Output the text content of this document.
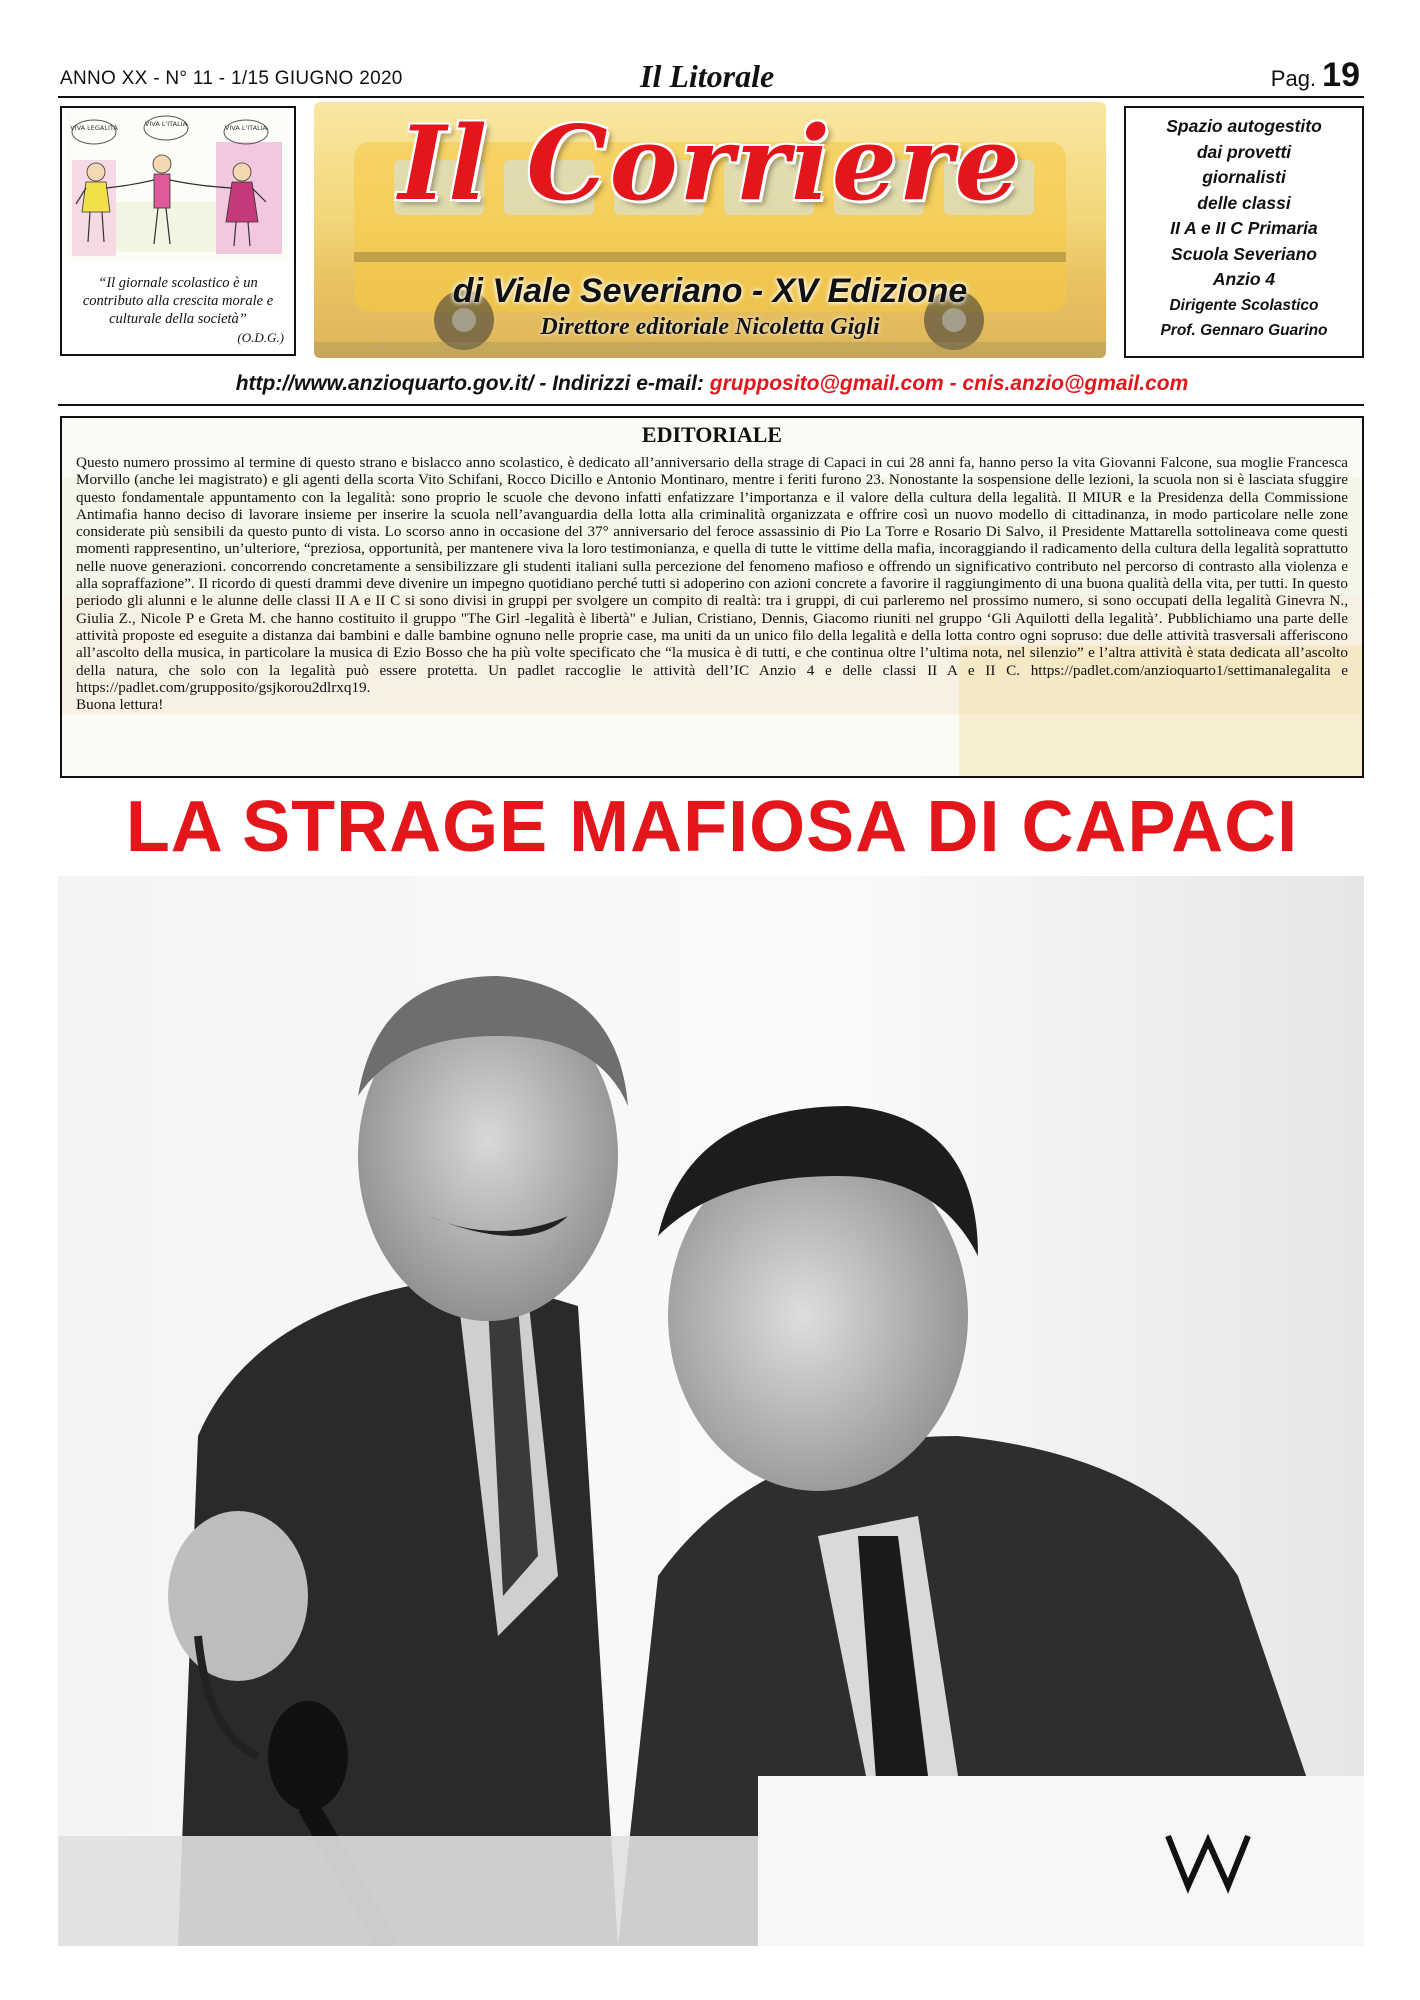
ANNO XX - N° 11 - 1/15 GIUGNO 2020	Il Litorale	Pag. 19
VIVA LEGALITÀ	VIVA L'ITALIA	VIVA L'ITALIA
“Il giornale scolastico è un contributo alla crescita morale e culturale della società”
(O.D.G.)
Il Corriere
di Viale Severiano - XV Edizione
Direttore editoriale Nicoletta Gigli
Spazio autogestito
dai provetti
giornalisti
delle classi
II A e II C Primaria
Scuola Severiano
Anzio 4
Dirigente Scolastico
Prof. Gennaro Guarino
http://www.anzioquarto.gov.it/ - Indirizzi e-mail: grupposito@gmail.com - cnis.anzio@gmail.com
EDITORIALE
Questo numero prossimo al termine di questo strano e bislacco anno scolastico, è dedicato all’anniversario della strage di Capaci in cui 28 anni fa, hanno perso la vita Giovanni Falcone, sua moglie Francesca Morvillo (anche lei magistrato) e gli agenti della scorta Vito Schifani, Rocco Dicillo e Antonio Montinaro, mentre i feriti furono 23. Nonostante la sospensione delle lezioni, la scuola non si è lasciata sfuggire questo fondamentale appuntamento con la legalità: sono proprio le scuole che devono infatti enfatizzare l’importanza e il valore della cultura della legalità. Il MIUR e la Presidenza della Commissione Antimafia hanno deciso di lavorare insieme per inserire la scuola nell’avanguardia della lotta alla criminalità organizzata e offrire così un nuovo modello di cittadinanza, in modo particolare nelle zone considerate più sensibili da questo punto di vista. Lo scorso anno in occasione del 37° anniversario del feroce assassinio di Pio La Torre e Rosario Di Salvo, il Presidente Mattarella sottolineava come questi momenti rappresentino, un’ulteriore, “preziosa, opportunità, per mantenere viva la loro testimonianza, e quella di tutte le vittime della mafia, incoraggiando il radicamento della cultura della legalità soprattutto nelle nuove generazioni. concorrendo concretamente a sensibilizzare gli studenti italiani sulla percezione del fenomeno mafioso e offrendo un significativo contributo nel percorso di contrasto alla violenza e alla sopraffazione”. Il ricordo di questi drammi deve divenire un impegno quotidiano perché tutti si adoperino con azioni concrete a favorire il raggiungimento di una buona qualità della vita, per tutti. In questo periodo gli alunni e le alunne delle classi II A e II C si sono divisi in gruppi per svolgere un compito di realtà: tra i gruppi, di cui parleremo nel prossimo numero, si sono occupati della legalità Ginevra N., Giulia Z., Nicole P e Greta M. che hanno costituito il gruppo "The Girl -legalità è libertà" e Julian, Cristiano, Dennis, Giacomo riuniti nel gruppo ‘Gli Aquilotti della legalità’. Pubblichiamo una parte delle attività proposte ed eseguite a distanza dai bambini e dalle bambine ognuno nelle proprie case, ma uniti da un unico filo della legalità e della lotta contro ogni sopruso: due delle attività trasversali afferiscono all’ascolto della musica, in particolare la musica di Ezio Bosso che ha più volte specificato che “la musica è di tutti, e che continua oltre l’ultima nota, nel silenzio” e l’altra attività è stata dedicata all’ascolto della natura, che solo con la legalità può essere protetta. Un padlet raccoglie le attività dell’IC Anzio 4 e delle classi II A e II C. https://padlet.com/anzioquarto1/settimanalegalita e https://padlet.com/grupposito/gsjkorou2dlrxq19.
Buona lettura!
LA STRAGE MAFIOSA DI CAPACI
